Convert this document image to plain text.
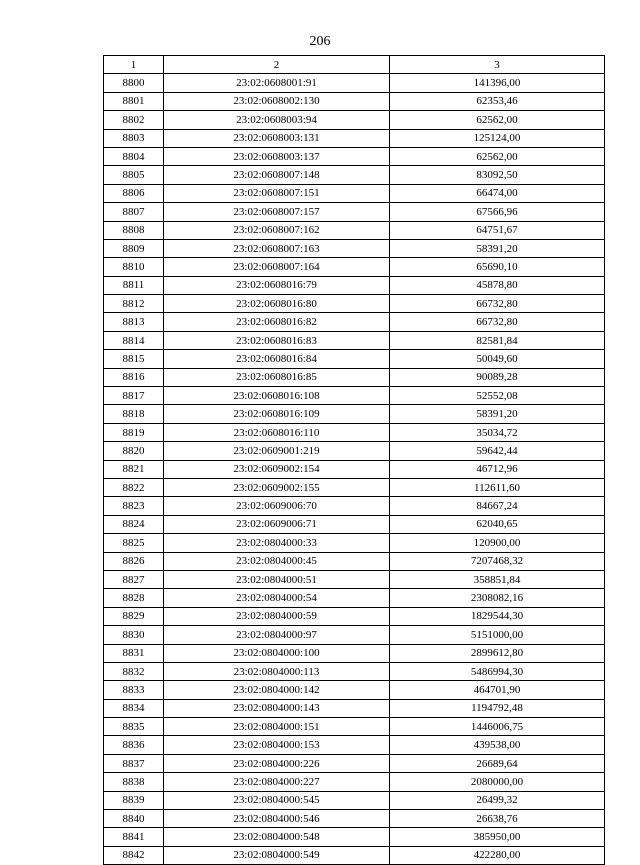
206
1	2	3
8800	23:02:0608001:91	141396,00
8801	23:02:0608002:130	62353,46
8802	23:02:0608003:94	62562,00
8803	23:02:0608003:131	125124,00
8804	23:02:0608003:137	62562,00
8805	23:02:0608007:148	83092,50
8806	23:02:0608007:151	66474,00
8807	23:02:0608007:157	67566,96
8808	23:02:0608007:162	64751,67
8809	23:02:0608007:163	58391,20
8810	23:02:0608007:164	65690,10
8811	23:02:0608016:79	45878,80
8812	23:02:0608016:80	66732,80
8813	23:02:0608016:82	66732,80
8814	23:02:0608016:83	82581,84
8815	23:02:0608016:84	50049,60
8816	23:02:0608016:85	90089,28
8817	23:02:0608016:108	52552,08
8818	23:02:0608016:109	58391,20
8819	23:02:0608016:110	35034,72
8820	23:02:0609001:219	59642,44
8821	23:02:0609002:154	46712,96
8822	23:02:0609002:155	112611,60
8823	23:02:0609006:70	84667,24
8824	23:02:0609006:71	62040,65
8825	23:02:0804000:33	120900,00
8826	23:02:0804000:45	7207468,32
8827	23:02:0804000:51	358851,84
8828	23:02:0804000:54	2308082,16
8829	23:02:0804000:59	1829544,30
8830	23:02:0804000:97	5151000,00
8831	23:02:0804000:100	2899612,80
8832	23:02:0804000:113	5486994,30
8833	23:02:0804000:142	464701,90
8834	23:02:0804000:143	1194792,48
8835	23:02:0804000:151	1446006,75
8836	23:02:0804000:153	439538,00
8837	23:02:0804000:226	26689,64
8838	23:02:0804000:227	2080000,00
8839	23:02:0804000:545	26499,32
8840	23:02:0804000:546	26638,76
8841	23:02:0804000:548	385950,00
8842	23:02:0804000:549	422280,00
